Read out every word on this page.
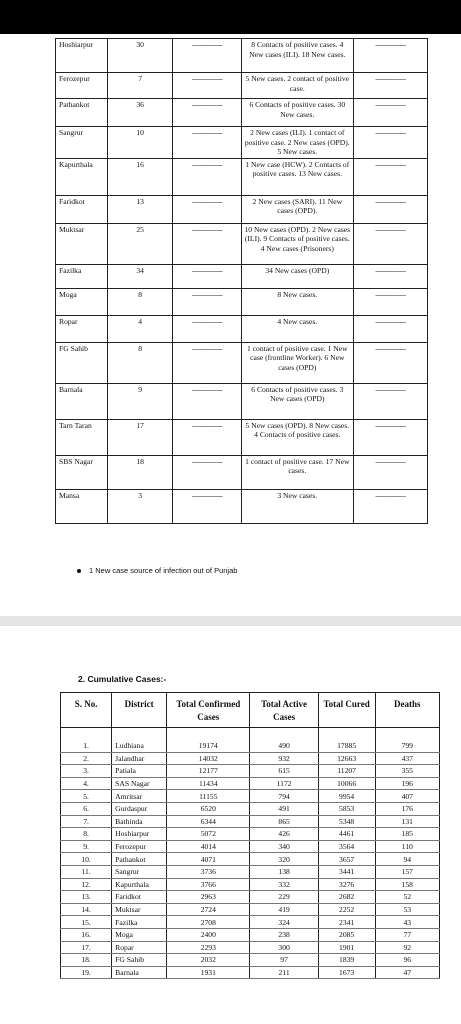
Hoshiarpur	30	---------------	8 Contacts of positive cases. 4 New cases (ILI). 18 New cases.	---------------
Ferozepur	7	---------------	5 New cases. 2 contact of positive case.	---------------
Pathankot	36	---------------	6 Contacts of positive cases. 30 New cases.	---------------
Sangrur	10	---------------	2 New cases (ILI). 1 contact of positive case. 2 New cases (OPD). 5 New cases.	---------------
Kapurthala	16	---------------	1 New case (HCW). 2 Contacts of positive cases. 13 New cases.	---------------
Faridkot	13	---------------	2 New cases (SARI). 11 New cases (OPD).	---------------
Muktsar	25	---------------	10 New cases (OPD). 2 New cases (ILI). 9 Contacts of positive cases. 4 New cases (Prisoners)	---------------
Fazilka	34	---------------	34 New cases (OPD)	---------------
Moga	8	---------------	8 New cases.	---------------
Ropar	4	---------------	4 New cases.	---------------
FG Sahib	8	---------------	1 contact of positive case. 1 New case (frontline Worker). 6 New cases (OPD)	---------------
Barnala	9	---------------	6 Contacts of positive cases. 3 New cases (OPD)	---------------
Tarn Taran	17	---------------	5 New cases (OPD). 8 New cases. 4 Contacts of positive cases.	---------------
SBS Nagar	18	---------------	1 contact of positive case. 17 New cases.	---------------
Mansa	3	---------------	3 New cases.	---------------
1 New case source of infection out of Punjab
2. Cumulative Cases:-
S. No.	District	Total Confirmed Cases	Total Active Cases	Total Cured	Deaths

1.	Ludhiana	19174	490	17885	799
2.	Jalandhar	14032	932	12663	437
3.	Patiala	12177	615	11207	355
4.	SAS Nagar	11434	1172	10066	196
5.	Amritsar	11155	794	9954	407
6.	Gurdaspur	6520	491	5853	176
7.	Bathinda	6344	865	5348	131
8.	Hoshiarpur	5072	426	4461	185
9.	Ferozepur	4014	340	3564	110
10.	Pathankot	4071	320	3657	94
11.	Sangrur	3736	138	3441	157
12.	Kapurthala	3766	332	3276	158
13.	Faridkot	2963	229	2682	52
14.	Muktsar	2724	419	2252	53
15.	Fazilka	2708	324	2341	43
16.	Moga	2400	238	2085	77
17.	Ropar	2293	300	1901	92
18.	FG Sahib	2032	97	1839	96
19.	Barnala	1931	211	1673	47
